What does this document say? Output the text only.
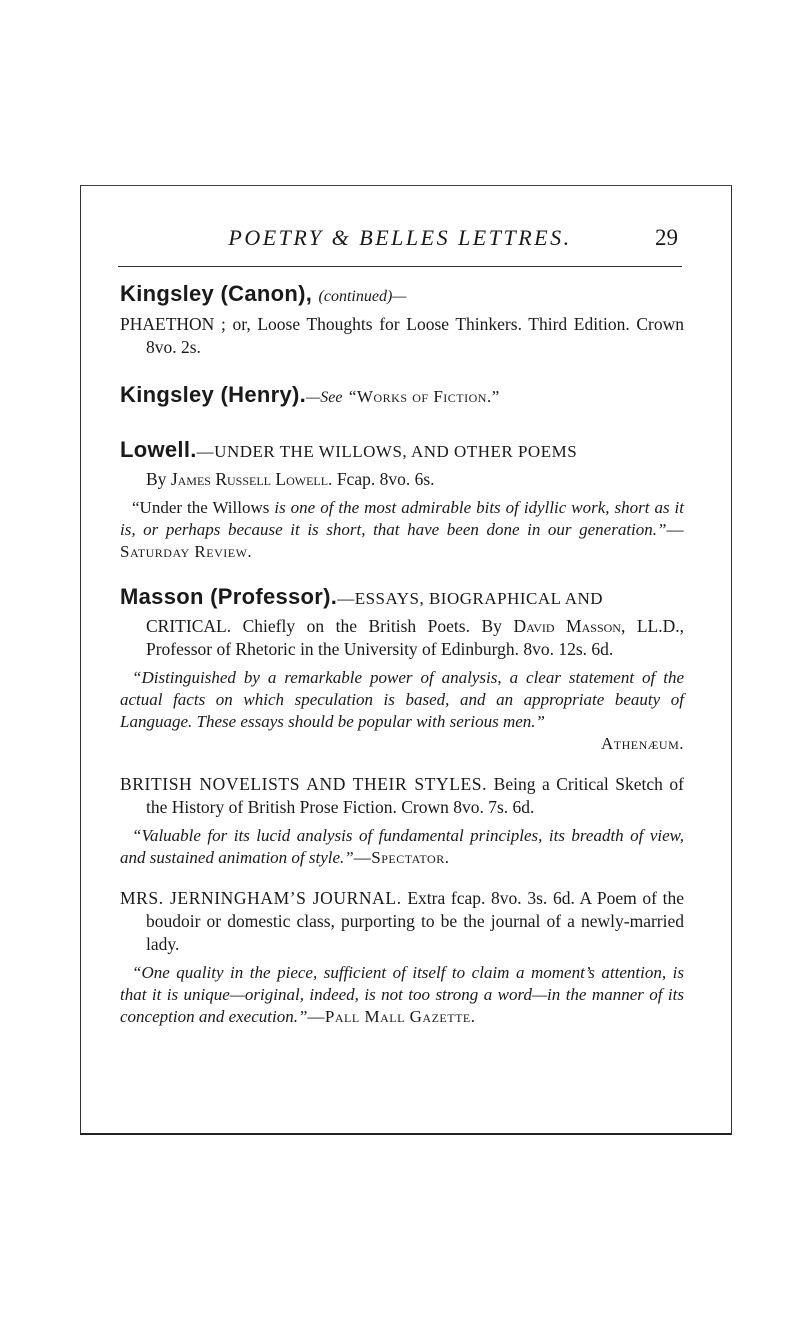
POETRY & BELLES LETTRES.	29

Kingsley (Canon), (continued)—

PHAETHON ; or, Loose Thoughts for Loose Thinkers. Third Edition. Crown 8vo. 2s.

Kingsley (Henry).—See “Works of Fiction.”

Lowell.—UNDER THE WILLOWS, AND OTHER POEMS

By James Russell Lowell. Fcap. 8vo. 6s.

“Under the Willows is one of the most admirable bits of idyllic work, short as it is, or perhaps because it is short, that have been done in our generation.”—Saturday Review.

Masson (Professor).—ESSAYS, BIOGRAPHICAL AND

CRITICAL. Chiefly on the British Poets. By David Masson, LL.D., Professor of Rhetoric in the University of Edinburgh. 8vo. 12s. 6d.

“Distinguished by a remarkable power of analysis, a clear statement of the actual facts on which speculation is based, and an appropriate beauty of Language. These essays should be popular with serious men.”

Athenæum.

BRITISH NOVELISTS AND THEIR STYLES. Being a Critical Sketch of the History of British Prose Fiction. Crown 8vo. 7s. 6d.

“Valuable for its lucid analysis of fundamental principles, its breadth of view, and sustained animation of style.”—Spectator.

MRS. JERNINGHAM’S JOURNAL. Extra fcap. 8vo. 3s. 6d. A Poem of the boudoir or domestic class, purporting to be the journal of a newly-married lady.

“One quality in the piece, sufficient of itself to claim a moment’s attention, is that it is unique—original, indeed, is not too strong a word—in the manner of its conception and execution.”—Pall Mall Gazette.
